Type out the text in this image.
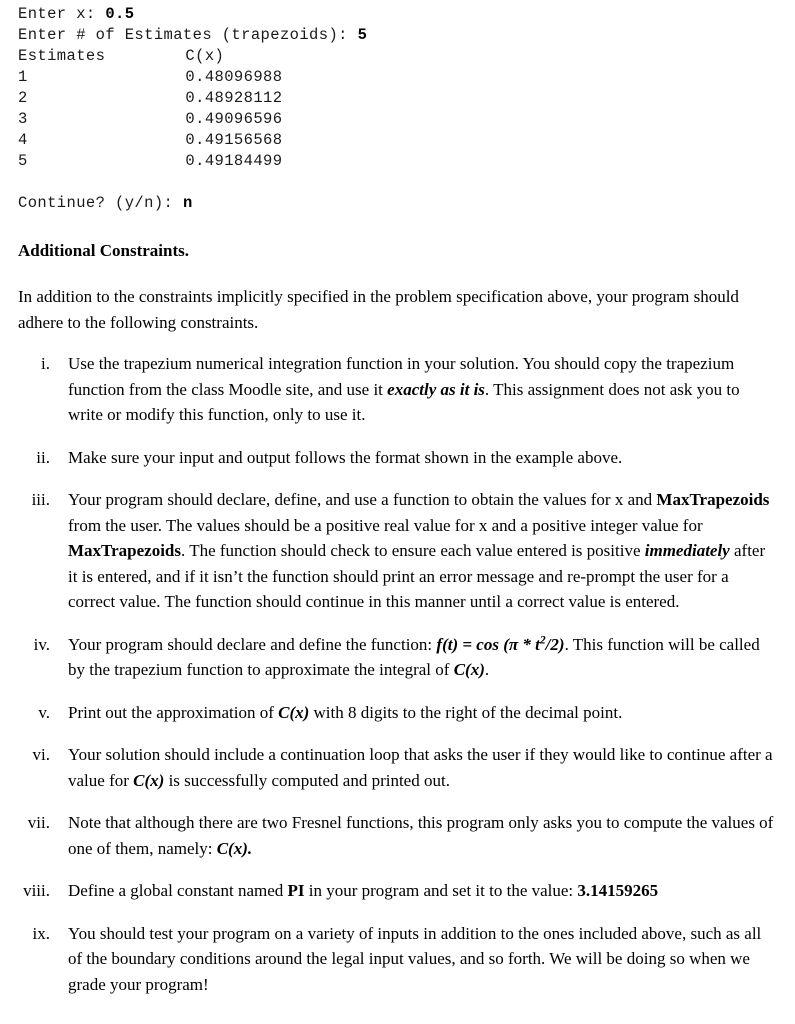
Enter x: 0.5
Enter # of Estimates (trapezoids): 5
Estimates	C(x)
1	0.48096988
2	0.48928112
3	0.49096596
4	0.49156568
5	0.49184499
Continue? (y/n): n
Additional Constraints.

In addition to the constraints implicitly specified in the problem specification above, your program should adhere to the following constraints.

i. Use the trapezium numerical integration function in your solution. You should copy the trapezium function from the class Moodle site, and use it exactly as it is. This assignment does not ask you to write or modify this function, only to use it.
ii. Make sure your input and output follows the format shown in the example above.
iii. Your program should declare, define, and use a function to obtain the values for x and MaxTrapezoids from the user. The values should be a positive real value for x and a positive integer value for MaxTrapezoids. The function should check to ensure each value entered is positive immediately after it is entered, and if it isn’t the function should print an error message and re-prompt the user for a correct value. The function should continue in this manner until a correct value is entered.
iv. Your program should declare and define the function: $f(t) = \cos (\pi * t^2/2)$. This function will be called by the trapezium function to approximate the integral of C(x).
v. Print out the approximation of C(x) with 8 digits to the right of the decimal point.
vi. Your solution should include a continuation loop that asks the user if they would like to continue after a value for C(x) is successfully computed and printed out.
vii. Note that although there are two Fresnel functions, this program only asks you to compute the values of one of them, namely: C(x).
viii. Define a global constant named PI in your program and set it to the value: 3.14159265
ix. You should test your program on a variety of inputs in addition to the ones included above, such as all of the boundary conditions around the legal input values, and so forth. We will be doing so when we grade your program!
